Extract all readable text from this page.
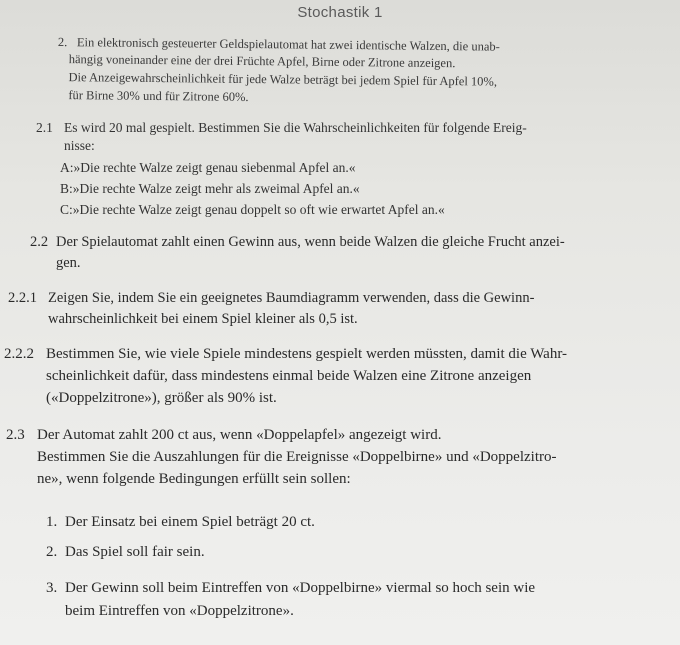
Stochastik 1
2. Ein elektronisch gesteuerter Geldspielautomat hat zwei identische Walzen, die unab-
hängig voneinander eine der drei Früchte Apfel, Birne oder Zitrone anzeigen.
Die Anzeigewahrscheinlichkeit für jede Walze beträgt bei jedem Spiel für Apfel 10%,
für Birne 30% und für Zitrone 60%.
2.1 Es wird 20 mal gespielt. Bestimmen Sie die Wahrscheinlichkeiten für folgende Ereig-
nisse:
A:»Die rechte Walze zeigt genau siebenmal Apfel an.«
B:»Die rechte Walze zeigt mehr als zweimal Apfel an.«
C:»Die rechte Walze zeigt genau doppelt so oft wie erwartet Apfel an.«
2.2 Der Spielautomat zahlt einen Gewinn aus, wenn beide Walzen die gleiche Frucht anzei-
gen.
2.2.1 Zeigen Sie, indem Sie ein geeignetes Baumdiagramm verwenden, dass die Gewinn-
wahrscheinlichkeit bei einem Spiel kleiner als 0,5 ist.
2.2.2 Bestimmen Sie, wie viele Spiele mindestens gespielt werden müssten, damit die Wahr-
scheinlichkeit dafür, dass mindestens einmal beide Walzen eine Zitrone anzeigen
(«Doppelzitrone»), größer als 90% ist.
2.3 Der Automat zahlt 200 ct aus, wenn «Doppelapfel» angezeigt wird.
Bestimmen Sie die Auszahlungen für die Ereignisse «Doppelbirne» und «Doppelzitro-
ne», wenn folgende Bedingungen erfüllt sein sollen:
1. Der Einsatz bei einem Spiel beträgt 20 ct.
2. Das Spiel soll fair sein.
3. Der Gewinn soll beim Eintreffen von «Doppelbirne» viermal so hoch sein wie
beim Eintreffen von «Doppelzitrone».
